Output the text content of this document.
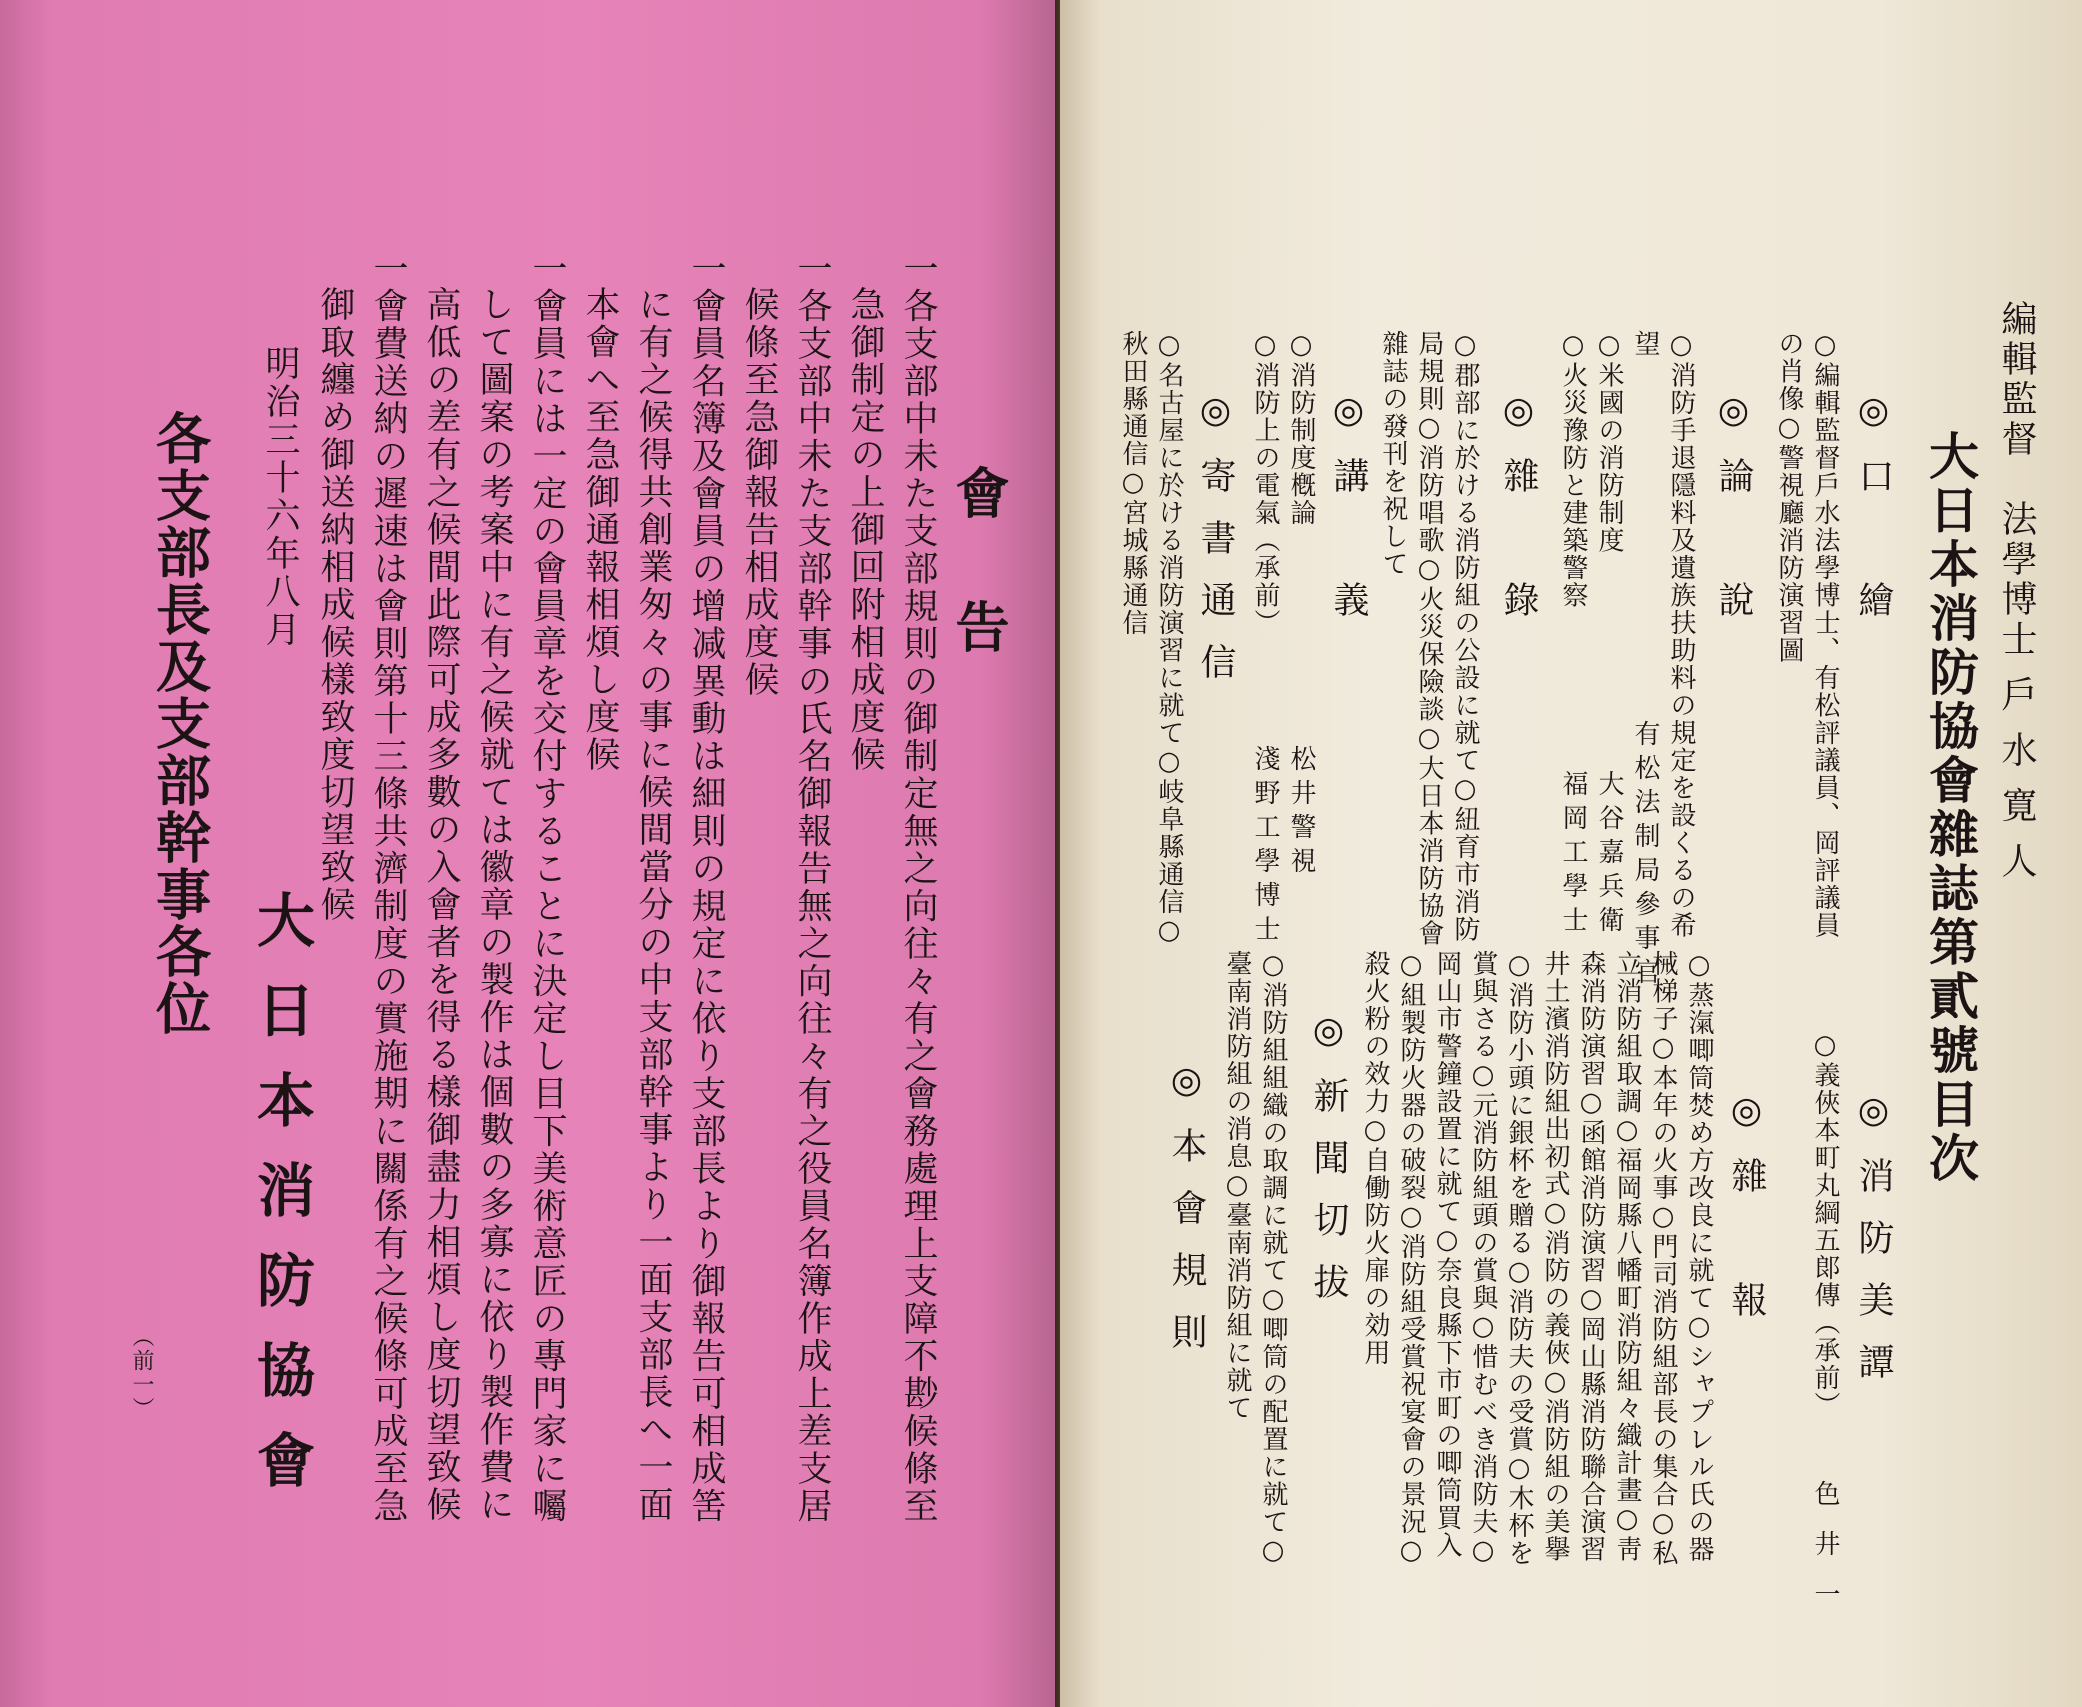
會告
一各支部中未た支部規則の御制定無之向往々有之會務處理上支障不尠候條至
急御制定の上御回附相成度候
一各支部中未た支部幹事の氏名御報告無之向往々有之役員名簿作成上差支居
候條至急御報告相成度候
一會員名簿及會員の增减異動は細則の規定に依り支部長より御報告可相成筈
に有之候得共創業匆々の事に候間當分の中支部幹事より一面支部長へ一面
本會へ至急御通報相煩し度候
一會員には一定の會員章を交付することに決定し目下美術意匠の專門家に囑
して圖案の考案中に有之候就ては徽章の製作は個數の多寡に依り製作費に
高低の差有之候間此際可成多數の入會者を得る樣御盡力相煩し度切望致候
一會費送納の遲速は會則第十三條共濟制度の實施期に關係有之候條可成至急
御取纏め御送納相成候樣致度切望致候
明治三十六年八月
大日本消防協會
各支部長及支部幹事各位
（前一）
編輯監督　法學博士 戶 水 寛 人
大日本消防協會雜誌第貳號目次
◎口　繪
○編輯監督戶水法學博士、有松評議員、岡評議員
の肖像○警視廳消防演習圖
◎論　說
○消防手退隱料及遺族扶助料の規定を設くるの希
望
○米國の消防制度
○火災豫防と建築警察
有松法制局參事官
大谷嘉兵衛
福岡工學士
◎雜　錄
○郡部に於ける消防組の公設に就て○紐育市消防
局規則○消防唱歌○火災保險談○大日本消防協會
雜誌の發刊を祝して
◎講　義
○消防制度槪論
○消防上の電氣（承前）
松井警視
淺野工學博士
◎寄書通信
○名古屋に於ける消防演習に就て○岐阜縣通信○
秋田縣通信○宮城縣通信
◎消防美譚
○義俠本町丸綱五郞傳（承前）
色 井 一
◎雜　報
○蒸滊唧筒焚め方改良に就て○シャプレル氏の器
械梯子○本年の火事○門司消防組部長の集合○私
立消防組取調○福岡縣八幡町消防組々織計畫○靑
森消防演習○函館消防演習○岡山縣消防聯合演習
井土濱消防組出初式○消防の義俠○消防組の美擧
○消防小頭に銀杯を贈る○消防夫の受賞○木杯を
賞與さる○元消防組頭の賞與○惜むべき消防夫○
岡山市警鐘設置に就て○奈良縣下市町の唧筒買入
○組製防火器の破裂○消防組受賞祝宴會の景況○
殺火粉の效力○自働防火扉の効用
◎新聞切拔
○消防組組織の取調に就て○唧筒の配置に就て○
臺南消防組の消息○臺南消防組に就て
◎本會規則
